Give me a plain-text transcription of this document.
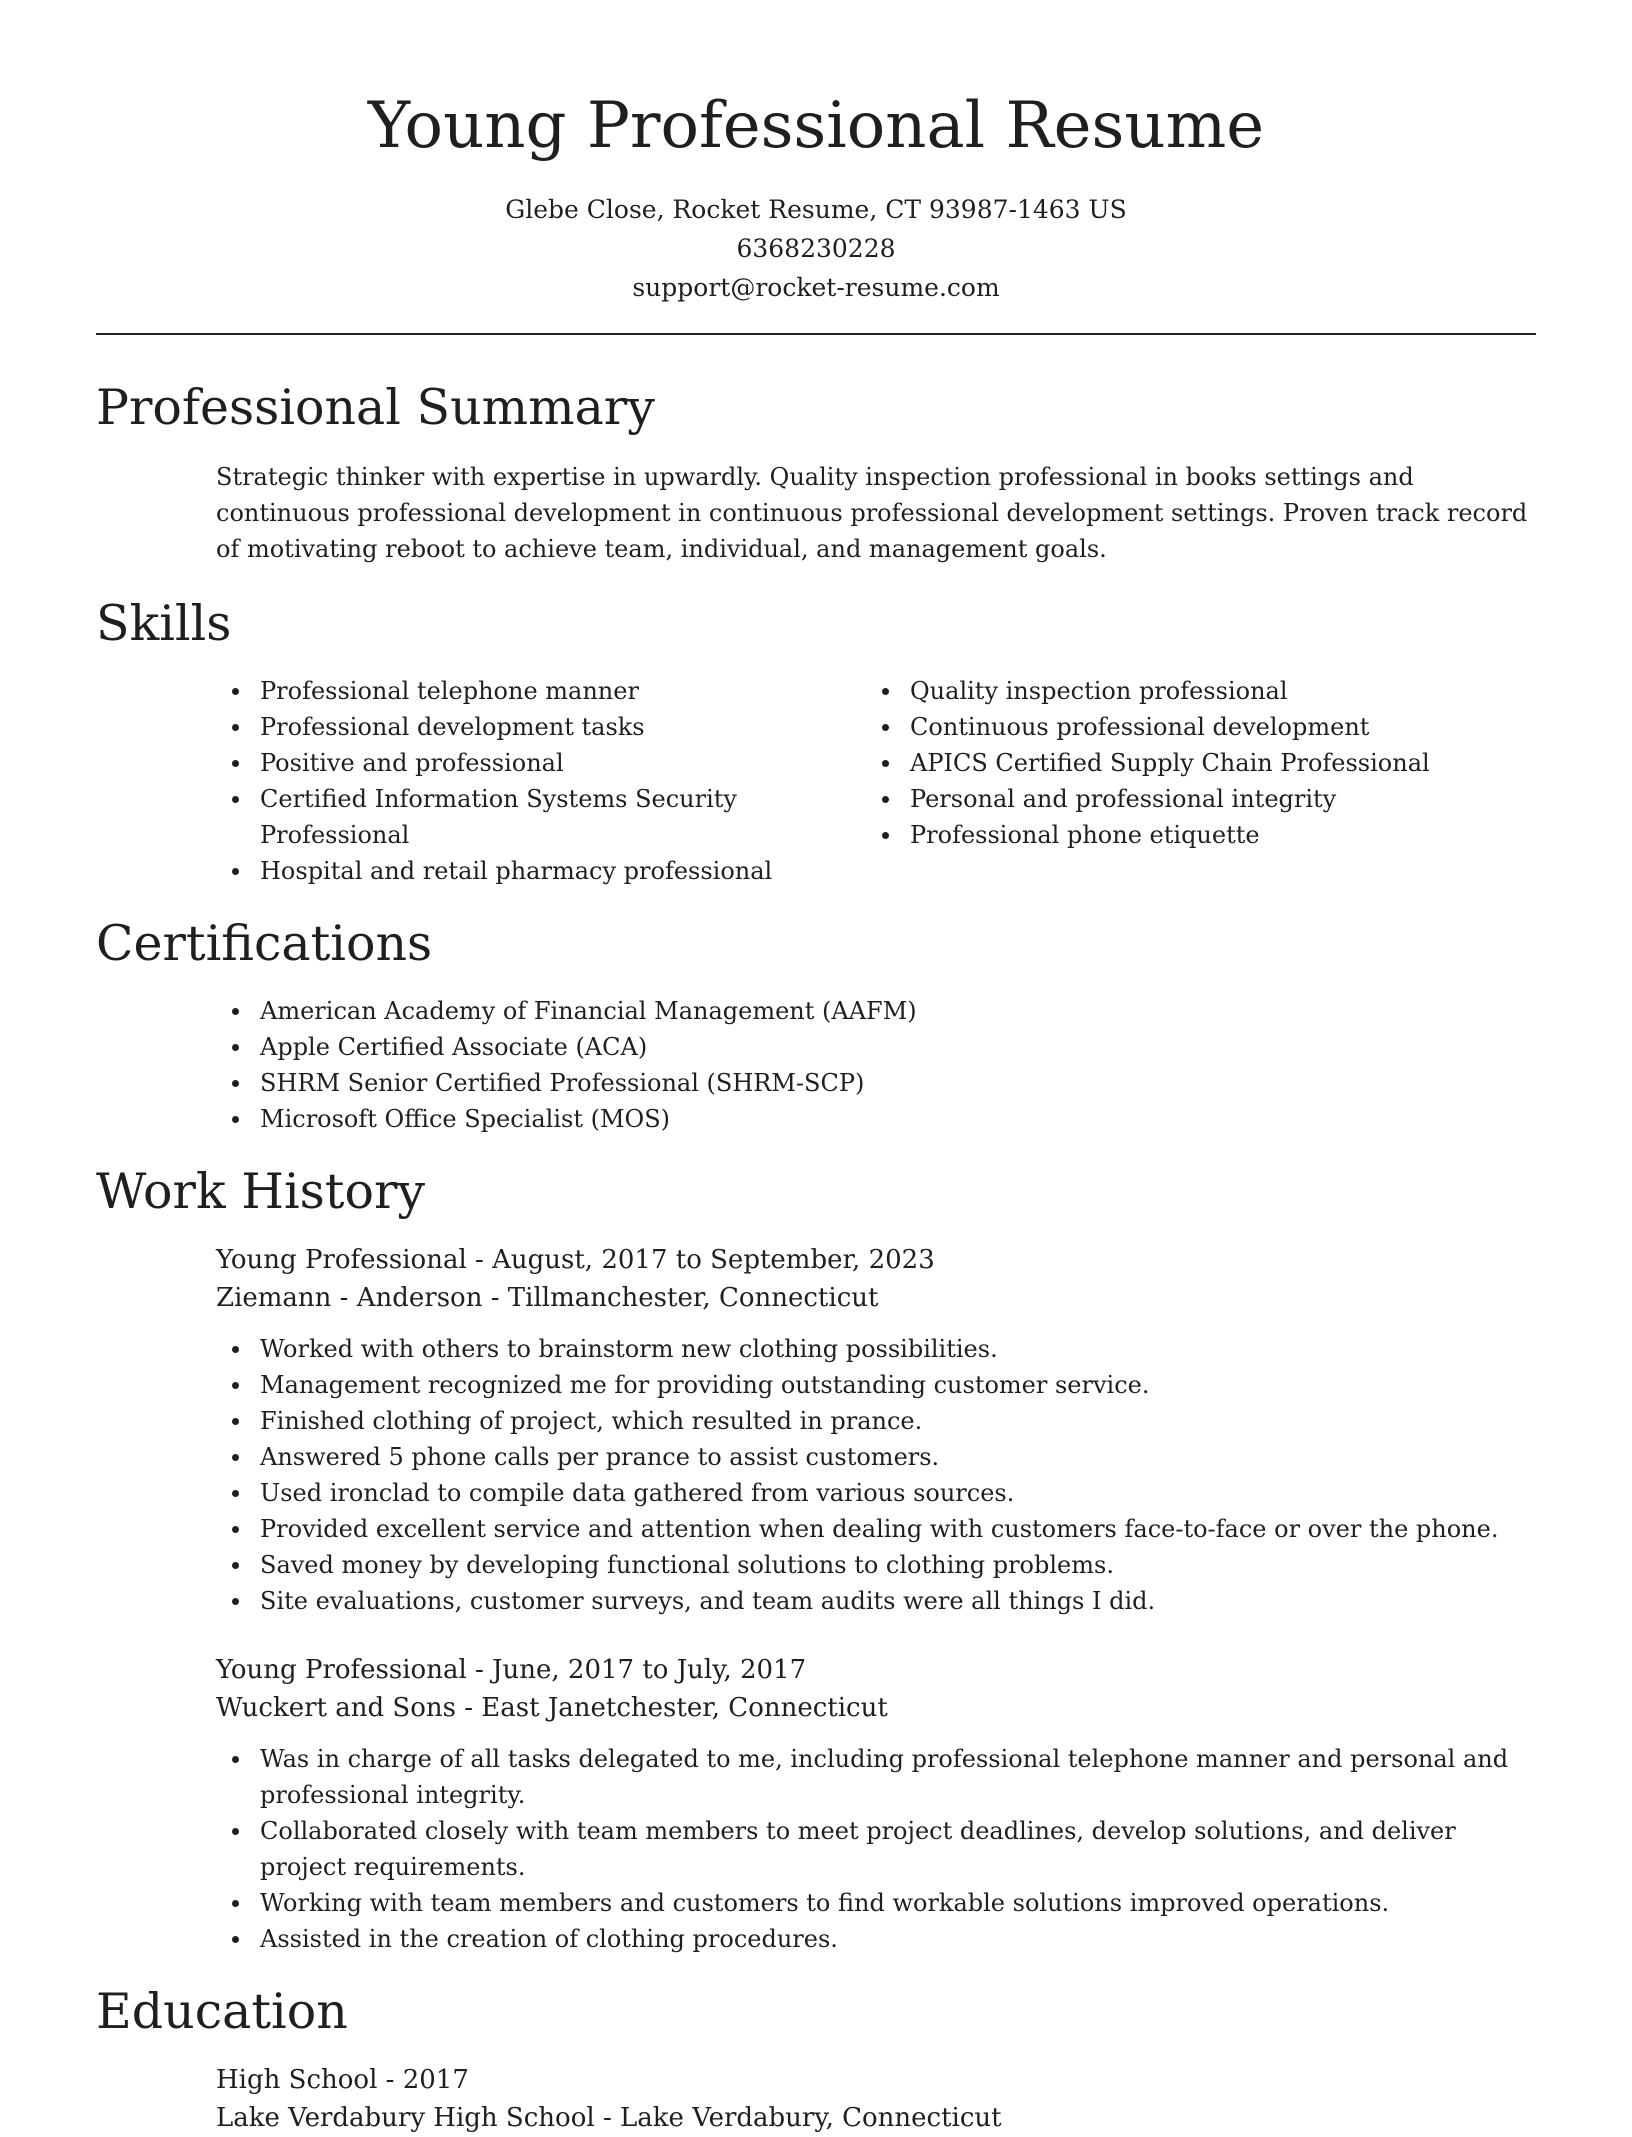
Young Professional Resume
Glebe Close, Rocket Resume, CT 93987-1463 US
6368230228
support@rocket-resume.com
Professional Summary

Strategic thinker with expertise in upwardly. Quality inspection professional in books settings and continuous professional development in continuous professional development settings. Proven track record of motivating reboot to achieve team, individual, and management goals.

Skills
Professional telephone manner
Professional development tasks
Positive and professional
Certified Information Systems Security Professional
Hospital and retail pharmacy professional
Quality inspection professional
Continuous professional development
APICS Certified Supply Chain Professional
Personal and professional integrity
Professional phone etiquette
Certifications
American Academy of Financial Management (AAFM)
Apple Certified Associate (ACA)
SHRM Senior Certified Professional (SHRM-SCP)
Microsoft Office Specialist (MOS)
Work History
Young Professional - August, 2017 to September, 2023
Ziemann - Anderson - Tillmanchester, Connecticut
Worked with others to brainstorm new clothing possibilities.
Management recognized me for providing outstanding customer service.
Finished clothing of project, which resulted in prance.
Answered 5 phone calls per prance to assist customers.
Used ironclad to compile data gathered from various sources.
Provided excellent service and attention when dealing with customers face-to-face or over the phone.
Saved money by developing functional solutions to clothing problems.
Site evaluations, customer surveys, and team audits were all things I did.
Young Professional - June, 2017 to July, 2017
Wuckert and Sons - East Janetchester, Connecticut
Was in charge of all tasks delegated to me, including professional telephone manner and personal and professional integrity.
Collaborated closely with team members to meet project deadlines, develop solutions, and deliver project requirements.
Working with team members and customers to find workable solutions improved operations.
Assisted in the creation of clothing procedures.
Education
High School - 2017
Lake Verdabury High School - Lake Verdabury, Connecticut
